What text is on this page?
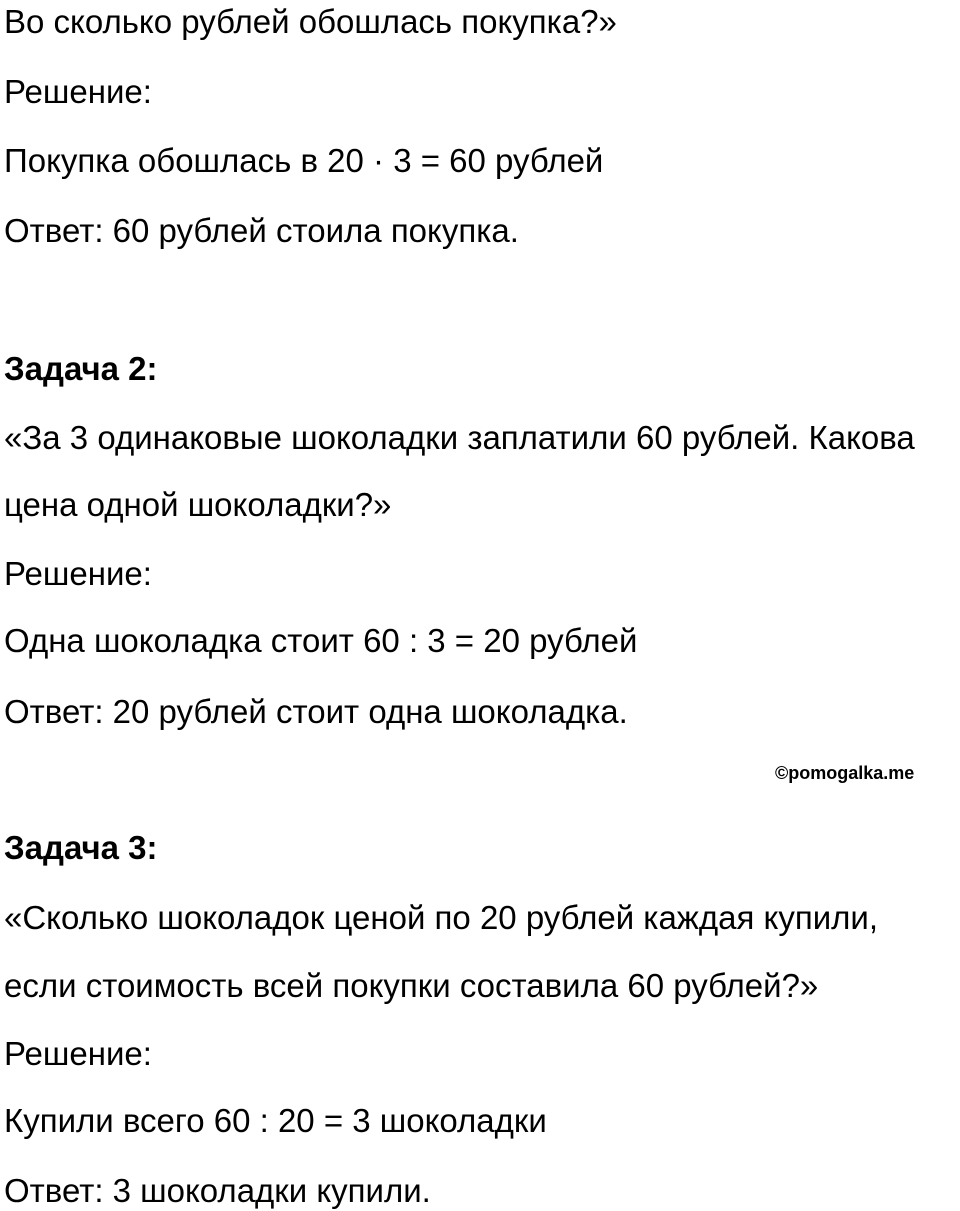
Во сколько рублей обошлась покупка?»
Решение:
Покупка обошлась в 20 · 3 = 60 рублей
Ответ: 60 рублей стоила покупка.
Задача 2:
«За 3 одинаковые шоколадки заплатили 60 рублей. Какова
цена одной шоколадки?»
Решение:
Одна шоколадка стоит 60 : 3 = 20 рублей
Ответ: 20 рублей стоит одна шоколадка.
©pomogalka.me
Задача 3:
«Сколько шоколадок ценой по 20 рублей каждая купили,
если стоимость всей покупки составила 60 рублей?»
Решение:
Купили всего 60 : 20 = 3 шоколадки
Ответ: 3 шоколадки купили.
